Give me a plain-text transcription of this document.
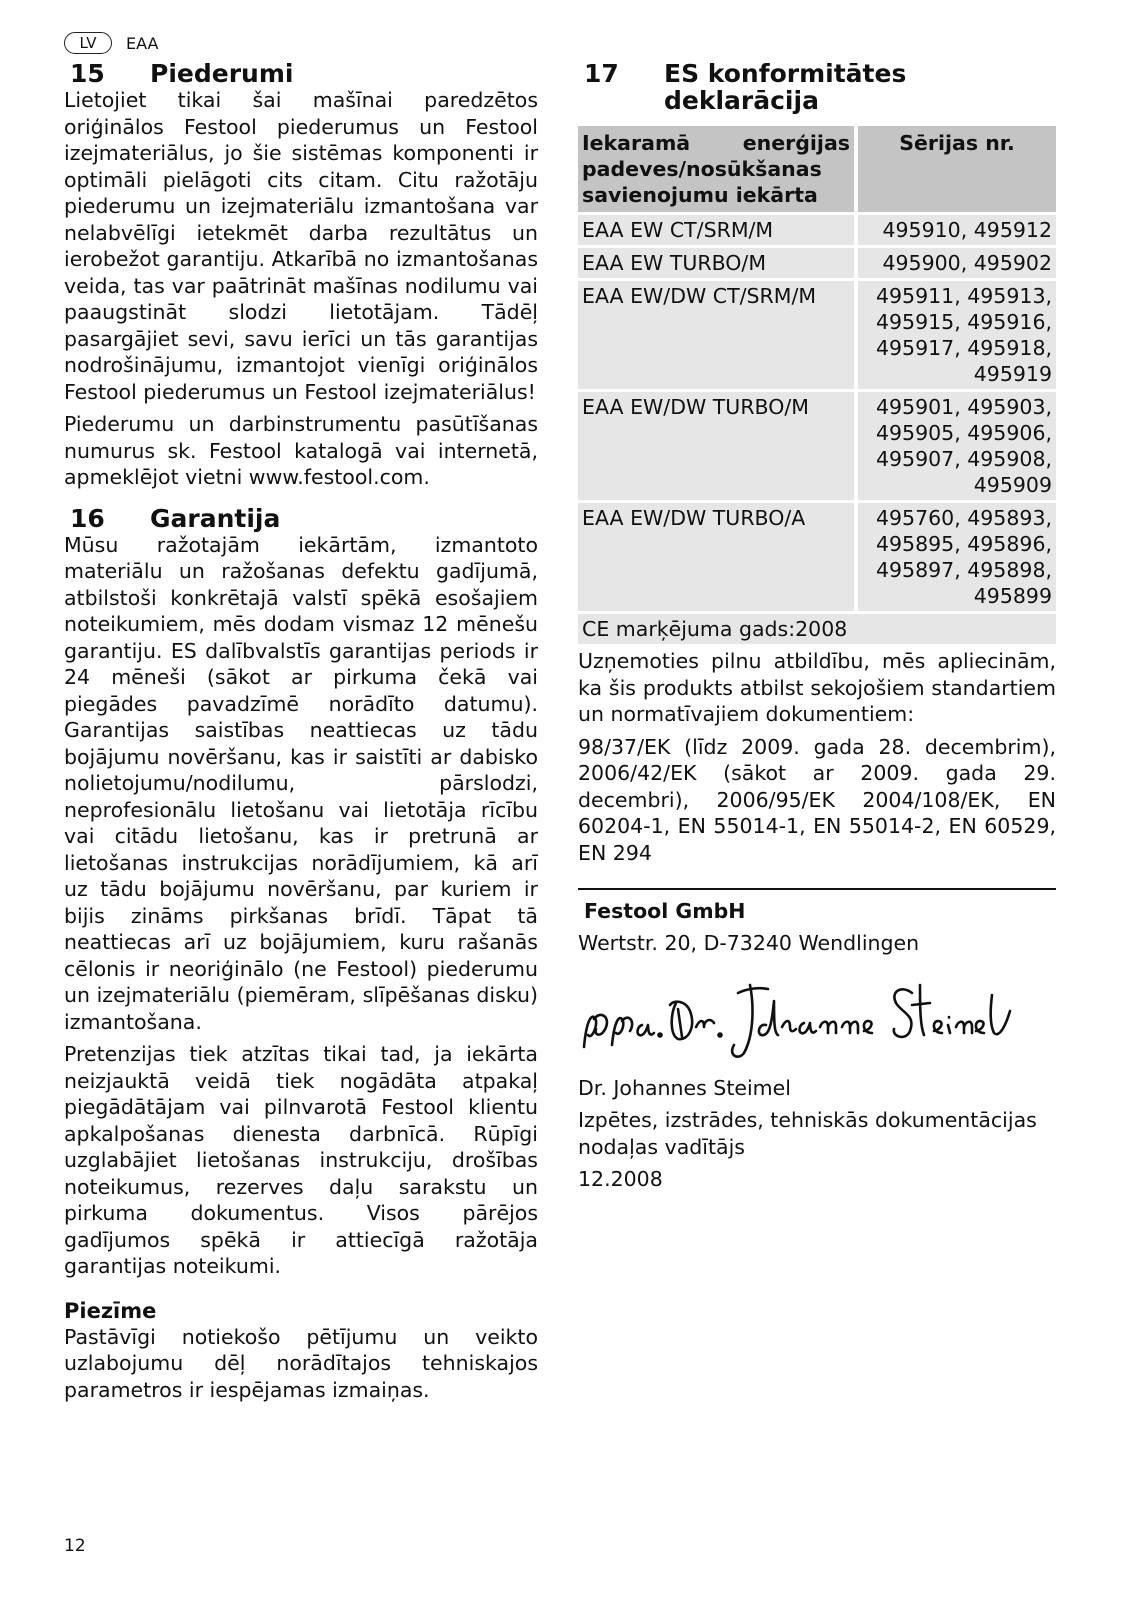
LV	EAA
15	Piederumi

Lietojiet tikai šai mašīnai paredzētos oriģinālos Festool piederumus un Festool izejmateriālus, jo šie sistēmas komponenti ir optimāli pielāgoti cits citam. Citu ražotāju piederumu un izejmateriālu izmantošana var nelabvēlīgi ietekmēt darba rezultātus un ierobežot garantiju. Atkarībā no izmantošanas veida, tas var paātrināt mašīnas nodilumu vai paaugstināt slodzi lietotājam. Tādēļ pasargājiet sevi, savu ierīci un tās garantijas nodrošinājumu, izmantojot vienīgi oriģinālos Festool piederumus un Festool izejmateriālus!

Piederumu un darbinstrumentu pasūtīšanas numurus sk. Festool katalogā vai internetā, apmeklējot vietni www.festool.com.

16	Garantija

Mūsu ražotajām iekārtām, izmantoto materiālu un ražošanas defektu gadījumā, atbilstoši konkrētajā valstī spēkā esošajiem noteikumiem, mēs dodam vismaz 12 mēnešu garantiju. ES dalībvalstīs garantijas periods ir 24 mēneši (sākot ar pirkuma čekā vai piegādes pavadzīmē norādīto datumu). Garantijas saistības neattiecas uz tādu bojājumu novēršanu, kas ir saistīti ar dabisko nolietojumu/nodilumu, pārslodzi, neprofesionālu lietošanu vai lietotāja rīcību vai citādu lietošanu, kas ir pretrunā ar lietošanas instrukcijas norādījumiem, kā arī uz tādu bojājumu novēršanu, par kuriem ir bijis zināms pirkšanas brīdī. Tāpat tā neattiecas arī uz bojājumiem, kuru rašanās cēlonis ir neoriģinālo (ne Festool) piederumu un izejmateriālu (piemēram, slīpēšanas disku) izmantošana.

Pretenzijas tiek atzītas tikai tad, ja iekārta neizjauktā veidā tiek nogādāta atpakaļ piegādātājam vai pilnvarotā Festool klientu apkalpošanas dienesta darbnīcā. Rūpīgi uzglabājiet lietošanas instrukciju, drošības noteikumus, rezerves daļu sarakstu un pirkuma dokumentus. Visos pārējos gadījumos spēkā ir attiecīgā ražotāja garantijas noteikumi.

Piezīme

Pastāvīgi notiekošo pētījumu un veikto uzlabojumu dēļ norādītajos tehniskajos parametros ir iespējamas izmaiņas.

17	ES konformitātes deklarācija
Iekaramā enerģijas padeves/nosūkšanas savienojumu iekārta	Sērijas nr.
EAA EW CT/SRM/M	495910, 495912
EAA EW TURBO/M	495900, 495902
EAA EW/DW CT/SRM/M	495911, 495913, 495915, 495916, 495917, 495918, 495919
EAA EW/DW TURBO/M	495901, 495903, 495905, 495906, 495907, 495908, 495909
EAA EW/DW TURBO/A	495760, 495893, 495895, 495896, 495897, 495898, 495899
CE marķējuma gads:2008

Uzņemoties pilnu atbildību, mēs apliecinām, ka šis produkts atbilst sekojošiem standartiem un normatīvajiem dokumentiem:

98/37/EK (līdz 2009. gada 28. decembrim), 2006/42/EK (sākot ar 2009. gada 29. decembri), 2006/95/EK 2004/108/EK, EN 60204-1, EN 55014-1, EN 55014-2, EN 60529, EN 294

Festool GmbH

Wertstr. 20, D-73240 Wendlingen

Dr. Johannes Steimel

Izpētes, izstrādes, tehniskās dokumentācijas nodaļas vadītājs

12.2008

12
